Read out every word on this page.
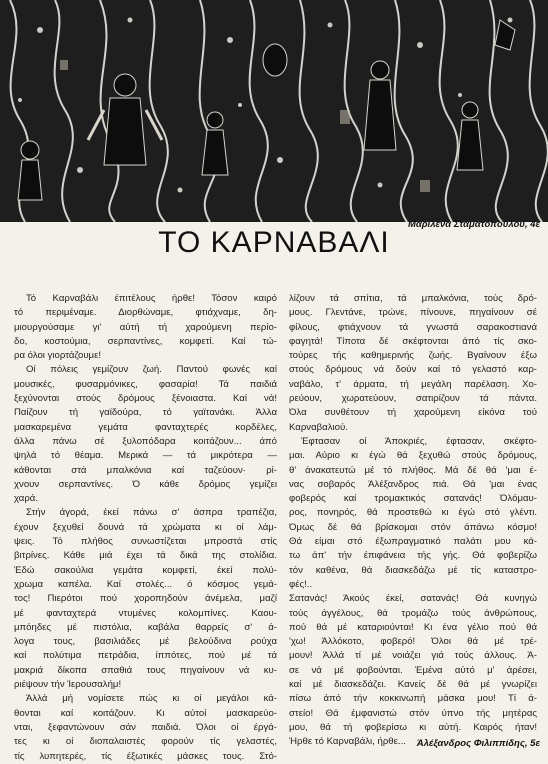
Μαριλένα Σταματοπούλου, 4ε
ΤΟ ΚΑΡΝΑΒΑΛΙ
Τό Καρναβάλι έπιτέλους ήρθε! Τόσον καιρό
τό περιμέναμε. Διορθώναμε, φτιάχναμε, δη-
μιουργούσαμε γι' αύτή τή χαρούμενη περίο-
δο, κοστούμια, σερπαντίνες, κομφετί. Καί τώ-
ρα όλοι γιορτάζουμε!
Οί πόλεις γεμίζουν ζωή. Παντού φωνές καί
μουσικές, φυσαρμόνικες, φασαρία! Τά παιδιά
ξεχύνονται στούς δρόμους ξένοιαστα. Καί νά!
Παίζουν τή γαϊδούρα, τό γαϊτανάκι. Άλλα
μασκαρεμένα γεμάτα φανταχτερές κορδέλες,
άλλα πάνω σέ ξυλοπόδαρα κοιτάζουν... άπό
ψηλά τό θέαμα. Μερικά — τά μικρότερα —
κάθονται στά μπαλκόνια καί ταζεύουν· ρί-
χνουν σερπαντίνες. Ό κάθε δρόμος γεμίζει
χαρά.
Στήν άγορά, έκεί πάνω σ' άσπρα τραπέζια,
έχουν ξεχυθεί δουνά τά χρώματα κι οί λάμ-
ψεις. Τό πλήθος συνωστίζεται μπροστά στίς
βιτρίνες. Κάθε μιά έχει τά δικά της στολίδια.
Έδώ σακούλια γεμάτα κομφετί, έκεί πολύ-
χρωμα καπέλα. Καί στολές... ό κόσμος γεμά-
τος! Πιερότοι πού χοροπηδούν άνέμελα, μαζί
μέ φανταχτερά ντυμένες κολομπίνες. Καου-
μπόηδες μέ πιστόλια, καβάλα θαρρείς σ' ά-
λογα τους, βασιλιάδες μέ βελούδινα ρούχα
καί πολύτιμα πετράδια, ίππότες, πού μέ τά
μακριά δίκοπα σπαθιά τους πηγαίνουν νά κυ-
ριέψουν τήν Ίερουσαλήμ!
Άλλά μή νομίσετε πώς κι οί μεγάλοι κά-
θονται καί κοιτάζουν. Κι αύτοί μασκαρεύο-
νται, ξεφαντώνουν σάν παιδιά. Όλοι οί έργά-
τες κι οί διοπαλαιστές φορούν τίς γελαστές,
τίς λυπητερές, τίς έξωτικές μάσκες τους. Στό-
λίζουν τά σπίτια, τά μπαλκόνια, τούς δρό-
μους. Γλεντάνε, τρώνε, πίνουνε, πηγαίνουν σέ
φίλους, φτιάχνουν τά γνωστά σαρακοστιανά
φαγητά! Τίποτα δέ σκέφτονται άπό τίς σκο-
τούρες τής καθημερινής ζωής. Βγαίνουν έξω
στούς δρόμους νά δούν καί τό γελαστό καρ-
ναβάλο, τ' άρματα, τή μεγάλη παρέλαση. Χο-
ρεύουν, χωρατεύουν, σατιρίζουν τά πάντα.
Όλα συνθέτουν τή χαρούμενη είκόνα τού
Καρναβαλιού.
Έφτασαν οί Άποκριές, έφτασαν, σκέφτο-
μαι. Αύριο κι έγώ θά ξεχυθώ στούς δρόμους,
θ' άνακατευτώ μέ τό πλήθος. Μά δέ θά 'μαι έ-
νας σοβαρός Άλέξανδρος πιά. Θά 'μαι ένας
φοβερός καί τρομακτικός σατανάς! Όλόμαυ-
ρος, πονηρός, θά προστεθώ κι έγώ στό γλέντι.
Όμως δέ θά βρίσκομαι στόν άπάνω κόσμο!
Θά είμαι στό έξωπραγματικό παλάτι μου κά-
τω άπ' τήν έπιφάνεια τής γής. Θά φοβερίζω
τόν καθένα, θά διασκεδάζω μέ τίς καταστρο-
φές!..
Σατανάς! Άκούς έκεί, σατανάς! Θά κυνηγώ
τούς άγγέλους, θά τρομάζω τούς άνθρώπους,
πού θά μέ καταριούνται! Κι ένα γέλιο πού θά
'χω! Άλλόκοτο, φοβερό! Όλοι θά μέ τρέ-
μουν! Άλλά τί μέ νοιάζει γιά τούς άλλους. Ά-
σε νά μέ φοβούνται. Έμένα αύτό μ' άρέσει,
καί μέ διασκεδάζει. Κανείς δέ θά μέ γνωρίζει
πίσω άπό τήν κοκκινωπή μάσκα μου! Τί ά-
στείο! Θά έμφανιστώ στόν ύπνο τής μητέρας
μου, θά τή φοβερίσω κι αύτή. Καιρός ήταν!
Ήρθε τό Καρναβάλι, ήρθε...	Άλέξανδρος Φιλιππίδης, 5ε
